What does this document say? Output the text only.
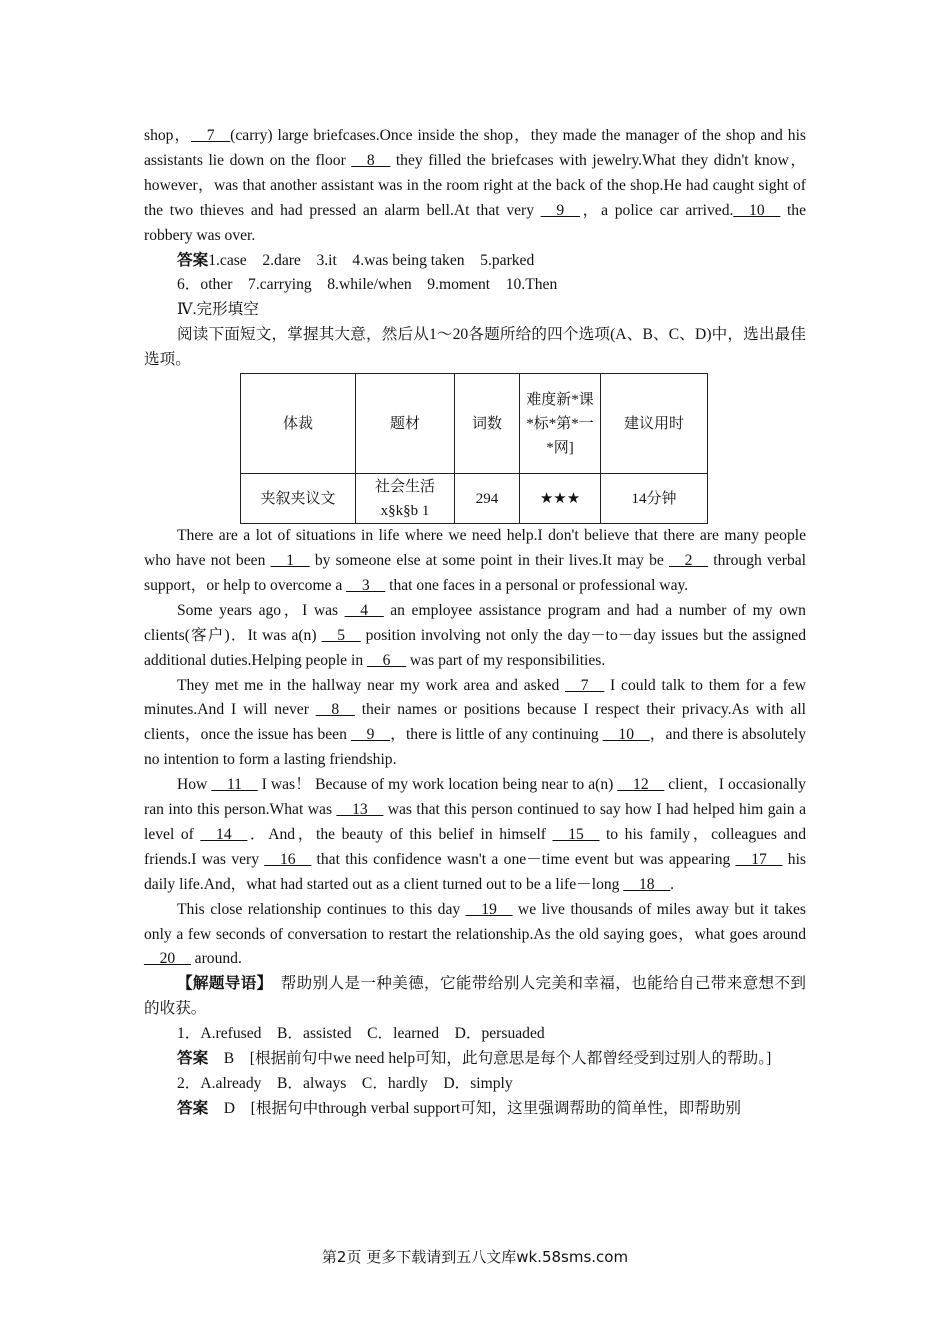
shop，__7__(carry) large briefcases.Once inside the shop，they made the manager of the shop and his assistants lie down on the floor __8__ they filled the briefcases with jewelry.What they didn't know，however，was that another assistant was in the room right at the back of the shop.He had caught sight of the two thieves and had pressed an alarm bell.At that very __9__，a police car arrived.__10__ the robbery was over.

答案1.case　2.dare　3.it　4.was being taken　5.parked

6．other　7.carrying　8.while/when　9.moment　10.Then

Ⅳ.完形填空

阅读下面短文，掌握其大意，然后从1～20各题所给的四个选项(A、B、C、D)中，选出最佳选项。

体裁	题材	词数	难度新*课*标*第*一*网]	建议用时
夹叙夹议文	社会生活x§k§b 1	294	★★★	14分钟

There are a lot of situations in life where we need help.I don't believe that there are many people who have not been __1__ by someone else at some point in their lives.It may be __2__ through verbal support，or help to overcome a __3__ that one faces in a personal or professional way.

Some years ago，I was __4__ an employee assistance program and had a number of my own clients(客户)．It was a(n) __5__ position involving not only the day－to－day issues but the assigned additional duties.Helping people in __6__ was part of my responsibilities.

They met me in the hallway near my work area and asked __7__ I could talk to them for a few minutes.And I will never __8__ their names or positions because I respect their privacy.As with all clients，once the issue has been __9__，there is little of any continuing __10__，and there is absolutely no intention to form a lasting friendship.

How __11__ I was！ Because of my work location being near to a(n) __12__ client，I occasionally ran into this person.What was __13__ was that this person continued to say how I had helped him gain a level of __14__．And，the beauty of this belief in himself __15__ to his family，colleagues and friends.I was very __16__ that this confidence wasn't a one－time event but was appearing __17__ his daily life.And，what had started out as a client turned out to be a life－long __18__.

This close relationship continues to this day __19__ we live thousands of miles away but it takes only a few seconds of conversation to restart the relationship.As the old saying goes，what goes around __20__ around.

【解题导语】　帮助别人是一种美德，它能带给别人完美和幸福，也能给自己带来意想不到的收获。

1．A.refused　B．assisted　C．learned　D．persuaded

答案　B　[根据前句中we need help可知，此句意思是每个人都曾经受到过别人的帮助。]

2．A.already　B．always　C．hardly　D．simply

答案　D　[根据句中through verbal support可知，这里强调帮助的简单性，即帮助别

第2页 更多下载请到五八文库wk.58sms.com
